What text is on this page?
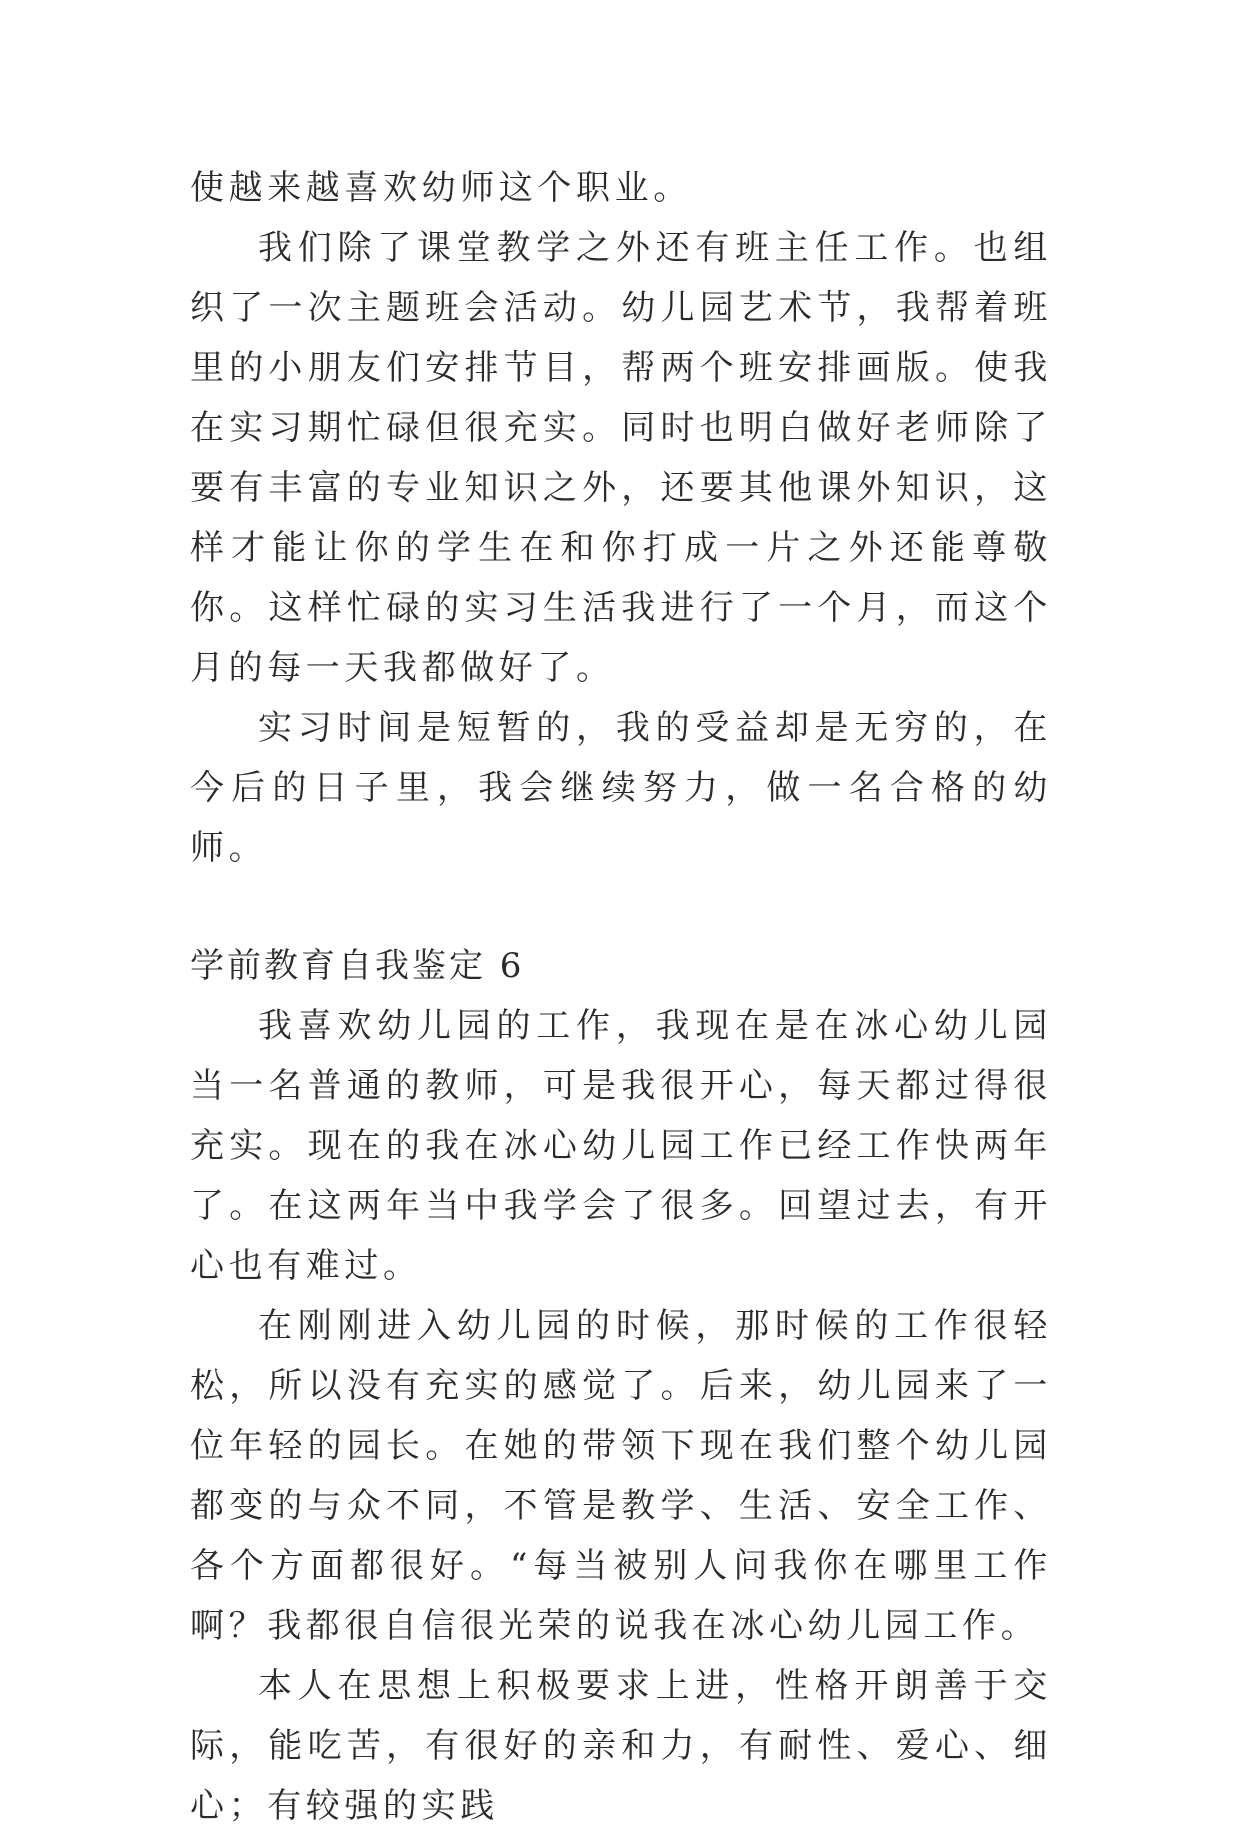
使越来越喜欢幼师这个职业。

我们除了课堂教学之外还有班主任工作。也组织了一次主题班会活动。幼儿园艺术节，我帮着班里的小朋友们安排节目，帮两个班安排画版。使我在实习期忙碌但很充实。同时也明白做好老师除了要有丰富的专业知识之外，还要其他课外知识，这样才能让你的学生在和你打成一片之外还能尊敬你。这样忙碌的实习生活我进行了一个月，而这个月的每一天我都做好了。

实习时间是短暂的，我的受益却是无穷的，在今后的日子里，我会继续努力，做一名合格的幼师。

学前教育自我鉴定 6

我喜欢幼儿园的工作，我现在是在冰心幼儿园当一名普通的教师，可是我很开心，每天都过得很充实。现在的我在冰心幼儿园工作已经工作快两年了。在这两年当中我学会了很多。回望过去，有开心也有难过。

在刚刚进入幼儿园的时候，那时候的工作很轻松，所以没有充实的感觉了。后来，幼儿园来了一位年轻的园长。在她的带领下现在我们整个幼儿园都变的与众不同，不管是教学、生活、安全工作、各个方面都很好。“每当被别人问我你在哪里工作啊？我都很自信很光荣的说我在冰心幼儿园工作。

本人在思想上积极要求上进，性格开朗善于交际，能吃苦，有很好的亲和力，有耐性、爱心、细心；有较强的实践
